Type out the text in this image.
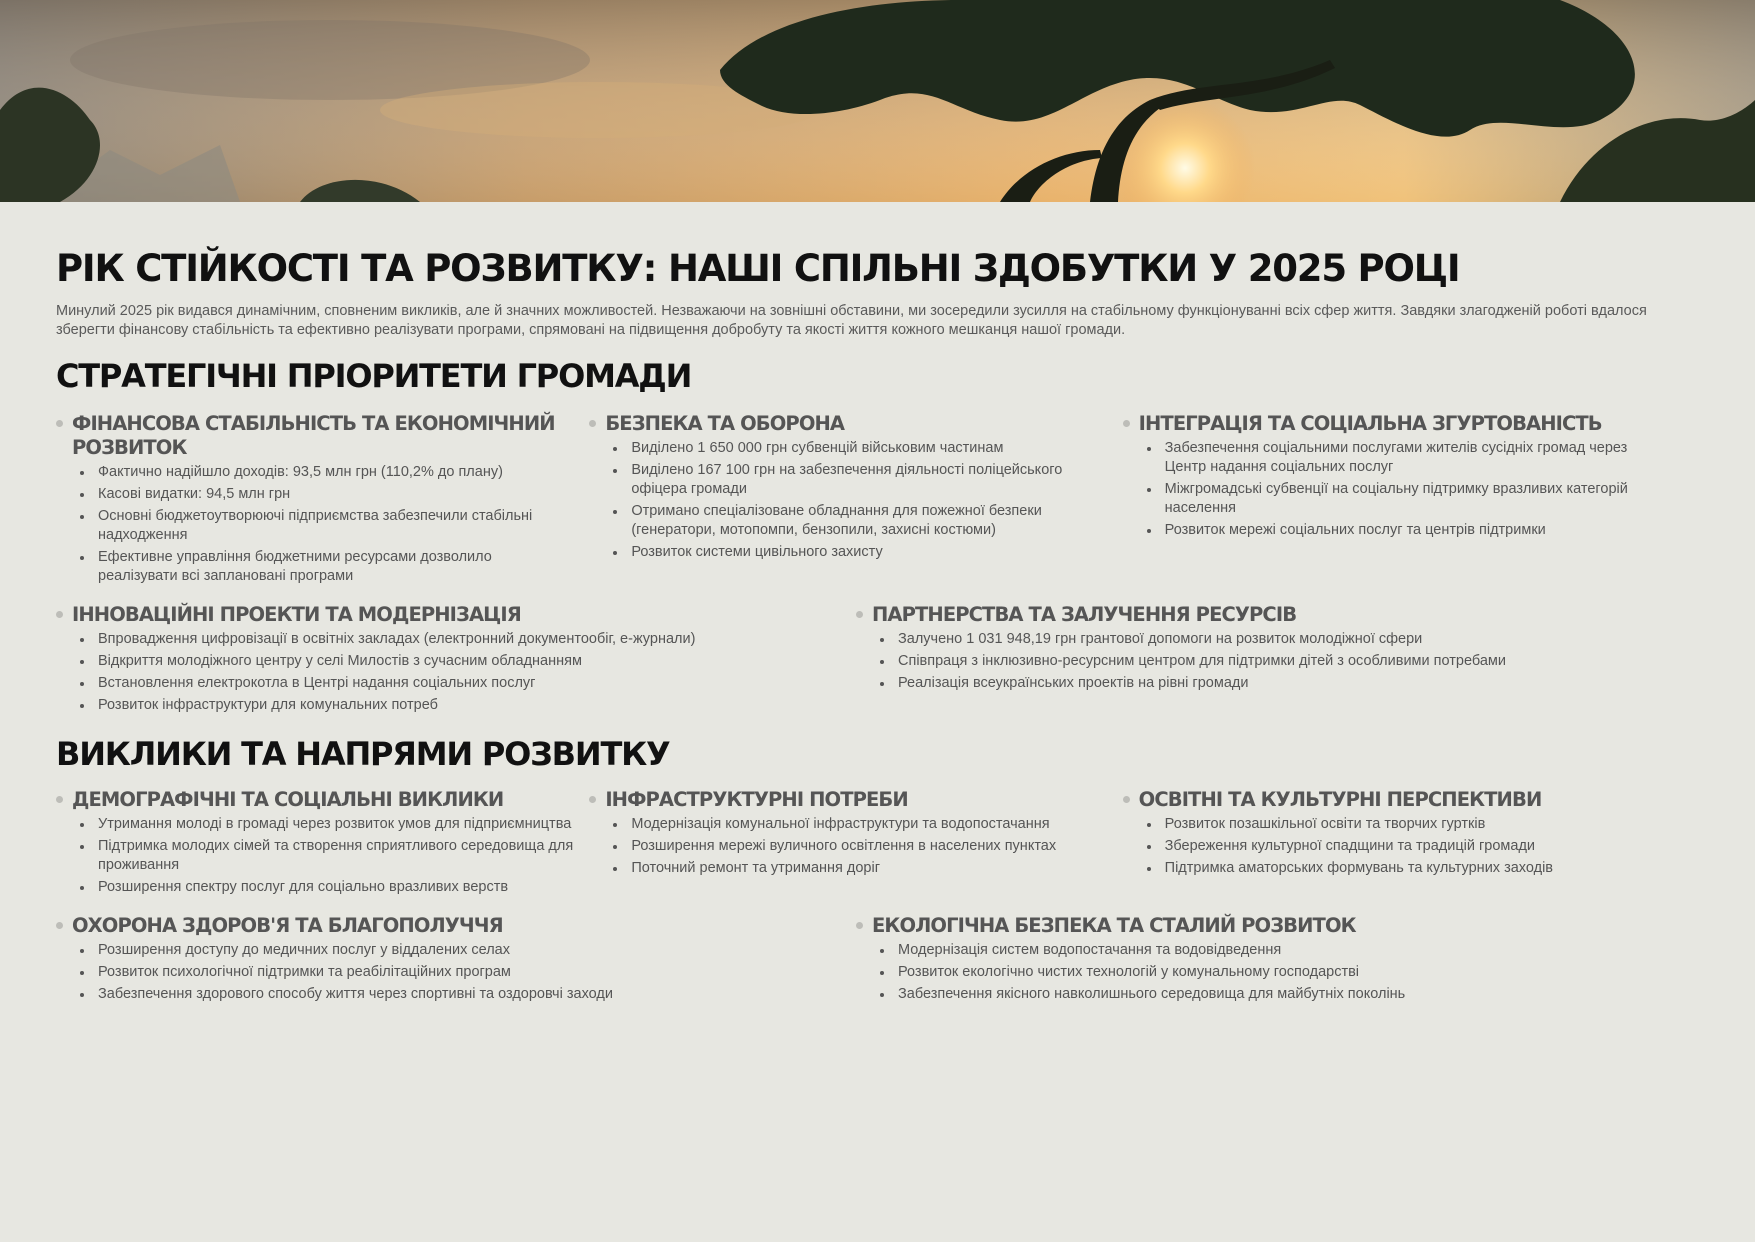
РІК СТІЙКОСТІ ТА РОЗВИТКУ: НАШІ СПІЛЬНІ ЗДОБУТКИ У 2025 РОЦІ

Минулий 2025 рік видався динамічним, сповненим викликів, але й значних можливостей. Незважаючи на зовнішні обставини, ми зосередили зусилля на стабільному функціонуванні всіх сфер життя. Завдяки злагодженій роботі вдалося зберегти фінансову стабільність та ефективно реалізувати програми, спрямовані на підвищення добробуту та якості життя кожного мешканця нашої громади.

СТРАТЕГІЧНІ ПРІОРИТЕТИ ГРОМАДИ
ФІНАНСОВА СТАБІЛЬНІСТЬ ТА ЕКОНОМІЧНИЙ РОЗВИТОК
Фактично надійшло доходів: 93,5 млн грн (110,2% до плану)
Касові видатки: 94,5 млн грн
Основні бюджетоутворюючі підприємства забезпечили стабільні надходження
Ефективне управління бюджетними ресурсами дозволило реалізувати всі заплановані програми
БЕЗПЕКА ТА ОБОРОНА
Виділено 1 650 000 грн субвенцій військовим частинам
Виділено 167 100 грн на забезпечення діяльності поліцейського офіцера громади
Отримано спеціалізоване обладнання для пожежної безпеки (генератори, мотопомпи, бензопили, захисні костюми)
Розвиток системи цивільного захисту
ІНТЕГРАЦІЯ ТА СОЦІАЛЬНА ЗГУРТОВАНІСТЬ
Забезпечення соціальними послугами жителів сусідніх громад через Центр надання соціальних послуг
Міжгромадські субвенції на соціальну підтримку вразливих категорій населення
Розвиток мережі соціальних послуг та центрів підтримки
ІННОВАЦІЙНІ ПРОЕКТИ ТА МОДЕРНІЗАЦІЯ
Впровадження цифровізації в освітніх закладах (електронний документообіг, е-журнали)
Відкриття молодіжного центру у селі Милостів з сучасним обладнанням
Встановлення електрокотла в Центрі надання соціальних послуг
Розвиток інфраструктури для комунальних потреб
ПАРТНЕРСТВА ТА ЗАЛУЧЕННЯ РЕСУРСІВ
Залучено 1 031 948,19 грн грантової допомоги на розвиток молодіжної сфери
Співпраця з інклюзивно-ресурсним центром для підтримки дітей з особливими потребами
Реалізація всеукраїнських проектів на рівні громади
ВИКЛИКИ ТА НАПРЯМИ РОЗВИТКУ
ДЕМОГРАФІЧНІ ТА СОЦІАЛЬНІ ВИКЛИКИ
Утримання молоді в громаді через розвиток умов для підприємництва
Підтримка молодих сімей та створення сприятливого середовища для проживання
Розширення спектру послуг для соціально вразливих верств
ІНФРАСТРУКТУРНІ ПОТРЕБИ
Модернізація комунальної інфраструктури та водопостачання
Розширення мережі вуличного освітлення в населених пунктах
Поточний ремонт та утримання доріг
ОСВІТНІ ТА КУЛЬТУРНІ ПЕРСПЕКТИВИ
Розвиток позашкільної освіти та творчих гуртків
Збереження культурної спадщини та традицій громади
Підтримка аматорських формувань та культурних заходів
ОХОРОНА ЗДОРОВ'Я ТА БЛАГОПОЛУЧЧЯ
Розширення доступу до медичних послуг у віддалених селах
Розвиток психологічної підтримки та реабілітаційних програм
Забезпечення здорового способу життя через спортивні та оздоровчі заходи
ЕКОЛОГІЧНА БЕЗПЕКА ТА СТАЛИЙ РОЗВИТОК
Модернізація систем водопостачання та водовідведення
Розвиток екологічно чистих технологій у комунальному господарстві
Забезпечення якісного навколишнього середовища для майбутніх поколінь
